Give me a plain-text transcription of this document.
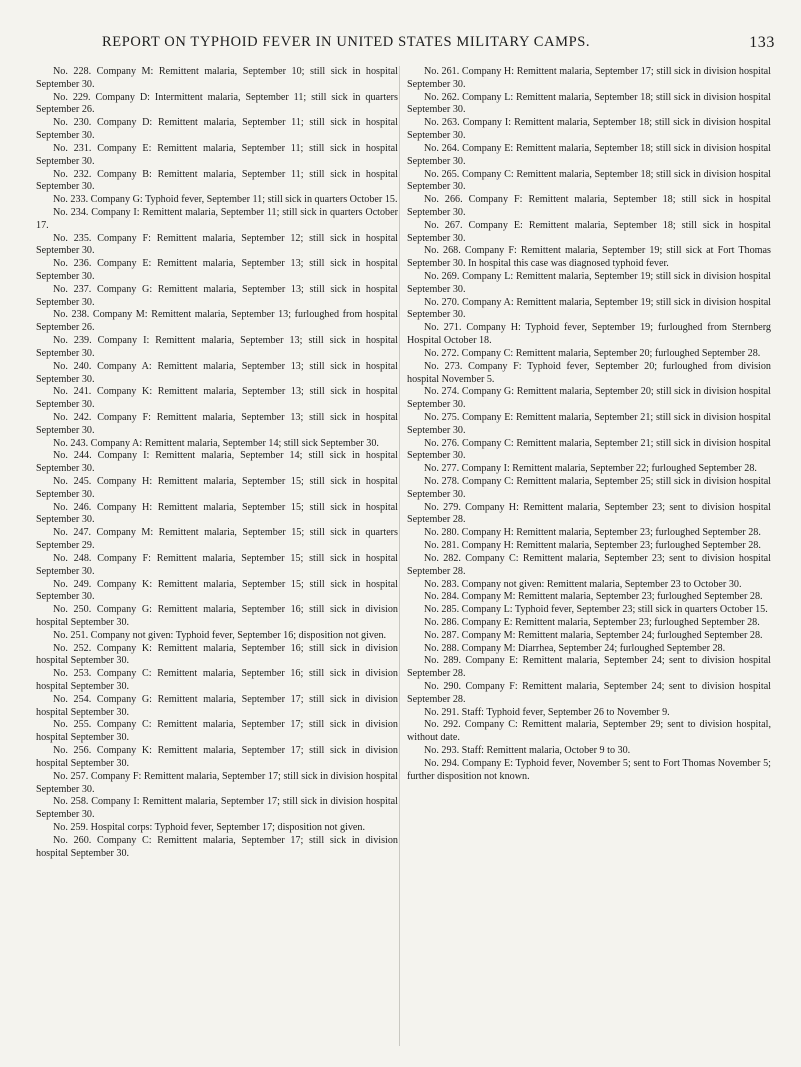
REPORT ON TYPHOID FEVER IN UNITED STATES MILITARY CAMPS.	133

No. 228. Company M: Remittent malaria, September 10; still sick in hospital September 30.

No. 229. Company D: Intermittent malaria, September 11; still sick in quarters September 26.

No. 230. Company D: Remittent malaria, September 11; still sick in hospital September 30.

No. 231. Company E: Remittent malaria, September 11; still sick in hospital September 30.

No. 232. Company B: Remittent malaria, September 11; still sick in hospital September 30.

No. 233. Company G: Typhoid fever, September 11; still sick in quarters October 15.

No. 234. Company I: Remittent malaria, September 11; still sick in quarters October 17.

No. 235. Company F: Remittent malaria, September 12; still sick in hospital September 30.

No. 236. Company E: Remittent malaria, September 13; still sick in hospital September 30.

No. 237. Company G: Remittent malaria, September 13; still sick in hospital September 30.

No. 238. Company M: Remittent malaria, September 13; furloughed from hospital September 26.

No. 239. Company I: Remittent malaria, September 13; still sick in hospital September 30.

No. 240. Company A: Remittent malaria, September 13; still sick in hospital September 30.

No. 241. Company K: Remittent malaria, September 13; still sick in hospital September 30.

No. 242. Company F: Remittent malaria, September 13; still sick in hospital September 30.

No. 243. Company A: Remittent malaria, September 14; still sick September 30.

No. 244. Company I: Remittent malaria, September 14; still sick in hospital September 30.

No. 245. Company H: Remittent malaria, September 15; still sick in hospital September 30.

No. 246. Company H: Remittent malaria, September 15; still sick in hospital September 30.

No. 247. Company M: Remittent malaria, September 15; still sick in quarters September 29.

No. 248. Company F: Remittent malaria, September 15; still sick in hospital September 30.

No. 249. Company K: Remittent malaria, September 15; still sick in hospital September 30.

No. 250. Company G: Remittent malaria, September 16; still sick in division hospital September 30.

No. 251. Company not given: Typhoid fever, September 16; disposition not given.

No. 252. Company K: Remittent malaria, September 16; still sick in division hospital September 30.

No. 253. Company C: Remittent malaria, September 16; still sick in division hospital September 30.

No. 254. Company G: Remittent malaria, September 17; still sick in division hospital September 30.

No. 255. Company C: Remittent malaria, September 17; still sick in division hospital September 30.

No. 256. Company K: Remittent malaria, September 17; still sick in division hospital September 30.

No. 257. Company F: Remittent malaria, September 17; still sick in division hospital September 30.

No. 258. Company I: Remittent malaria, September 17; still sick in division hospital September 30.

No. 259. Hospital corps: Typhoid fever, September 17; disposition not given.

No. 260. Company C: Remittent malaria, September 17; still sick in division hospital September 30.

No. 261. Company H: Remittent malaria, September 17; still sick in division hospital September 30.

No. 262. Company L: Remittent malaria, September 18; still sick in division hospital September 30.

No. 263. Company I: Remittent malaria, September 18; still sick in division hospital September 30.

No. 264. Company E: Remittent malaria, September 18; still sick in division hospital September 30.

No. 265. Company C: Remittent malaria, September 18; still sick in division hospital September 30.

No. 266. Company F: Remittent malaria, September 18; still sick in hospital September 30.

No. 267. Company E: Remittent malaria, September 18; still sick in hospital September 30.

No. 268. Company F: Remittent malaria, September 19; still sick at Fort Thomas September 30. In hospital this case was diagnosed typhoid fever.

No. 269. Company L: Remittent malaria, September 19; still sick in division hospital September 30.

No. 270. Company A: Remittent malaria, September 19; still sick in division hospital September 30.

No. 271. Company H: Typhoid fever, September 19; furloughed from Sternberg Hospital October 18.

No. 272. Company C: Remittent malaria, September 20; furloughed September 28.

No. 273. Company F: Typhoid fever, September 20; furloughed from division hospital November 5.

No. 274. Company G: Remittent malaria, September 20; still sick in division hospital September 30.

No. 275. Company E: Remittent malaria, September 21; still sick in division hospital September 30.

No. 276. Company C: Remittent malaria, September 21; still sick in division hospital September 30.

No. 277. Company I: Remittent malaria, September 22; furloughed September 28.

No. 278. Company C: Remittent malaria, September 25; still sick in division hospital September 30.

No. 279. Company H: Remittent malaria, September 23; sent to division hospital September 28.

No. 280. Company H: Remittent malaria, September 23; furloughed September 28.

No. 281. Company H: Remittent malaria, September 23; furloughed September 28.

No. 282. Company C: Remittent malaria, September 23; sent to division hospital September 28.

No. 283. Company not given: Remittent malaria, September 23 to October 30.

No. 284. Company M: Remittent malaria, September 23; furloughed September 28.

No. 285. Company L: Typhoid fever, September 23; still sick in quarters October 15.

No. 286. Company E: Remittent malaria, September 23; furloughed September 28.

No. 287. Company M: Remittent malaria, September 24; furloughed September 28.

No. 288. Company M: Diarrhea, September 24; furloughed September 28.

No. 289. Company E: Remittent malaria, September 24; sent to division hospital September 28.

No. 290. Company F: Remittent malaria, September 24; sent to division hospital September 28.

No. 291. Staff: Typhoid fever, September 26 to November 9.

No. 292. Company C: Remittent malaria, September 29; sent to division hospital, without date.

No. 293. Staff: Remittent malaria, October 9 to 30.

No. 294. Company E: Typhoid fever, November 5; sent to Fort Thomas November 5; further disposition not known.
